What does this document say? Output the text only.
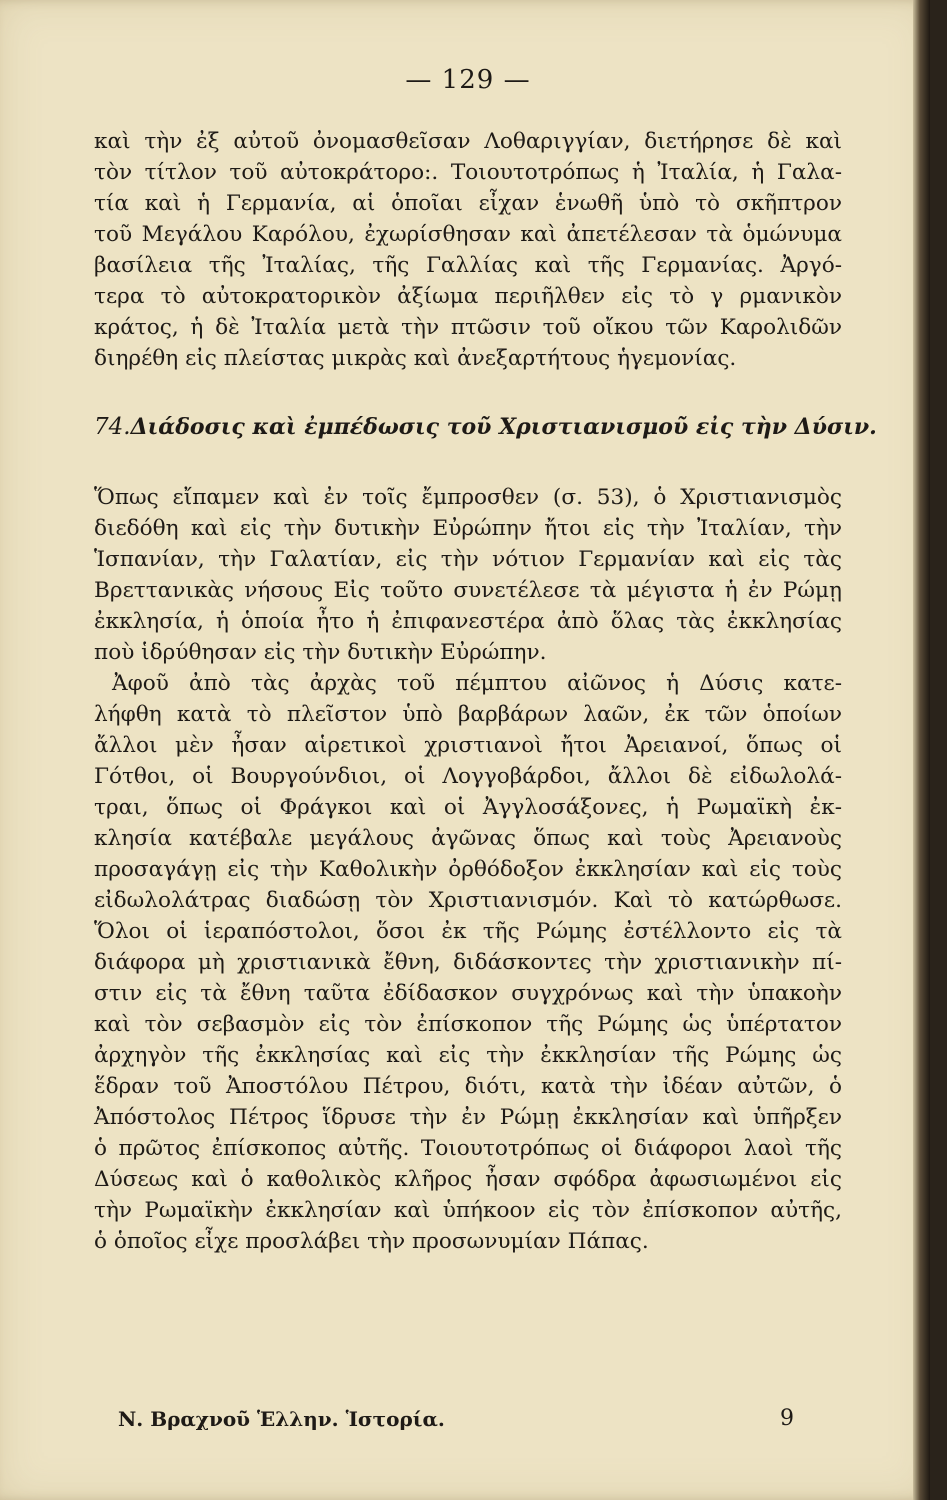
— 129 —
καὶ τὴν ἐξ αὐτοῦ ὀνομασθεῖσαν Λοθαριγγίαν, διετήρησε δὲ καὶ
τὸν τίτλον τοῦ αὐτοκράτορο:. Τοιουτοτρόπως ἡ Ἰταλία, ἡ Γαλα-
τία καὶ ἡ Γερμανία, αἱ ὁποῖαι εἶχαν ἑνωθῆ ὑπὸ τὸ σκῆπτρον
τοῦ Μεγάλου Καρόλου, ἐχωρίσθησαν καὶ ἀπετέλεσαν τὰ ὁμώνυμα
βασίλεια τῆς Ἰταλίας, τῆς Γαλλίας καὶ τῆς Γερμανίας. Ἀργό-
τερα τὸ αὐτοκρατορικὸν ἀξίωμα περιῆλθεν εἰς τὸ γ ρμανικὸν
κράτος, ἡ δὲ Ἰταλία μετὰ τὴν πτῶσιν τοῦ οἴκου τῶν Καρολιδῶν
διηρέθη εἰς πλείστας μικρὰς καὶ ἀνεξαρτήτους ἡγεμονίας.
74.Διάδοσις καὶ ἐμπέδωσις τοῦ Χριστιανισμοῦ εἰς τὴν Δύσιν.
Ὅπως εἴπαμεν καὶ ἐν τοῖς ἔμπροσθεν (σ. 53), ὁ Χριστιανισμὸς
διεδόθη καὶ εἰς τὴν δυτικὴν Εὐρώπην ἤτοι εἰς τὴν Ἰταλίαν, τὴν
Ἱσπανίαν, τὴν Γαλατίαν, εἰς τὴν νότιον Γερμανίαν καὶ εἰς τὰς
Βρεττανικὰς νήσους Εἰς τοῦτο συνετέλεσε τὰ μέγιστα ἡ ἐν Ρώμῃ
ἐκκλησία, ἡ ὁποία ἦτο ἡ ἐπιφανεστέρα ἀπὸ ὅλας τὰς ἐκκλησίας
ποὺ ἱδρύθησαν εἰς τὴν δυτικὴν Εὐρώπην.
Ἀφοῦ ἀπὸ τὰς ἀρχὰς τοῦ πέμπτου αἰῶνος ἡ Δύσις κατε-
λήφθη κατὰ τὸ πλεῖστον ὑπὸ βαρβάρων λαῶν, ἐκ τῶν ὁποίων
ἄλλοι μὲν ἦσαν αἱρετικοὶ χριστιανοὶ ἤτοι Ἀρειανοί, ὅπως οἱ
Γότθοι, οἱ Βουργούνδιοι, οἱ Λογγοβάρδοι, ἄλλοι δὲ εἰδωλολά-
τραι, ὅπως οἱ Φράγκοι καὶ οἱ Ἀγγλοσάξονες, ἡ Ρωμαϊκὴ ἐκ-
κλησία κατέβαλε μεγάλους ἀγῶνας ὅπως καὶ τοὺς Ἀρειανοὺς
προσαγάγῃ εἰς τὴν Καθολικὴν ὀρθόδοξον ἐκκλησίαν καὶ εἰς τοὺς
εἰδωλολάτρας διαδώσῃ τὸν Χριστιανισμόν. Καὶ τὸ κατώρθωσε.
Ὅλοι οἱ ἱεραπόστολοι, ὅσοι ἐκ τῆς Ρώμης ἐστέλλοντο εἰς τὰ
διάφορα μὴ χριστιανικὰ ἔθνη, διδάσκοντες τὴν χριστιανικὴν πί-
στιν εἰς τὰ ἔθνη ταῦτα ἐδίδασκον συγχρόνως καὶ τὴν ὑπακοὴν
καὶ τὸν σεβασμὸν εἰς τὸν ἐπίσκοπον τῆς Ρώμης ὡς ὑπέρτατον
ἀρχηγὸν τῆς ἐκκλησίας καὶ εἰς τὴν ἐκκλησίαν τῆς Ρώμης ὡς
ἕδραν τοῦ Ἀποστόλου Πέτρου, διότι, κατὰ τὴν ἰδέαν αὐτῶν, ὁ
Ἀπόστολος Πέτρος ἵδρυσε τὴν ἐν Ρώμῃ ἐκκλησίαν καὶ ὑπῆρξεν
ὁ πρῶτος ἐπίσκοπος αὐτῆς. Τοιουτοτρόπως οἱ διάφοροι λαοὶ τῆς
Δύσεως καὶ ὁ καθολικὸς κλῆρος ἦσαν σφόδρα ἀφωσιωμένοι εἰς
τὴν Ρωμαϊκὴν ἐκκλησίαν καὶ ὑπήκοον εἰς τὸν ἐπίσκοπον αὐτῆς,
ὁ ὁποῖος εἶχε προσλάβει τὴν προσωνυμίαν Πάπας.
Ν. Βραχνοῦ Ἑλλην. Ἱστορία.	9
